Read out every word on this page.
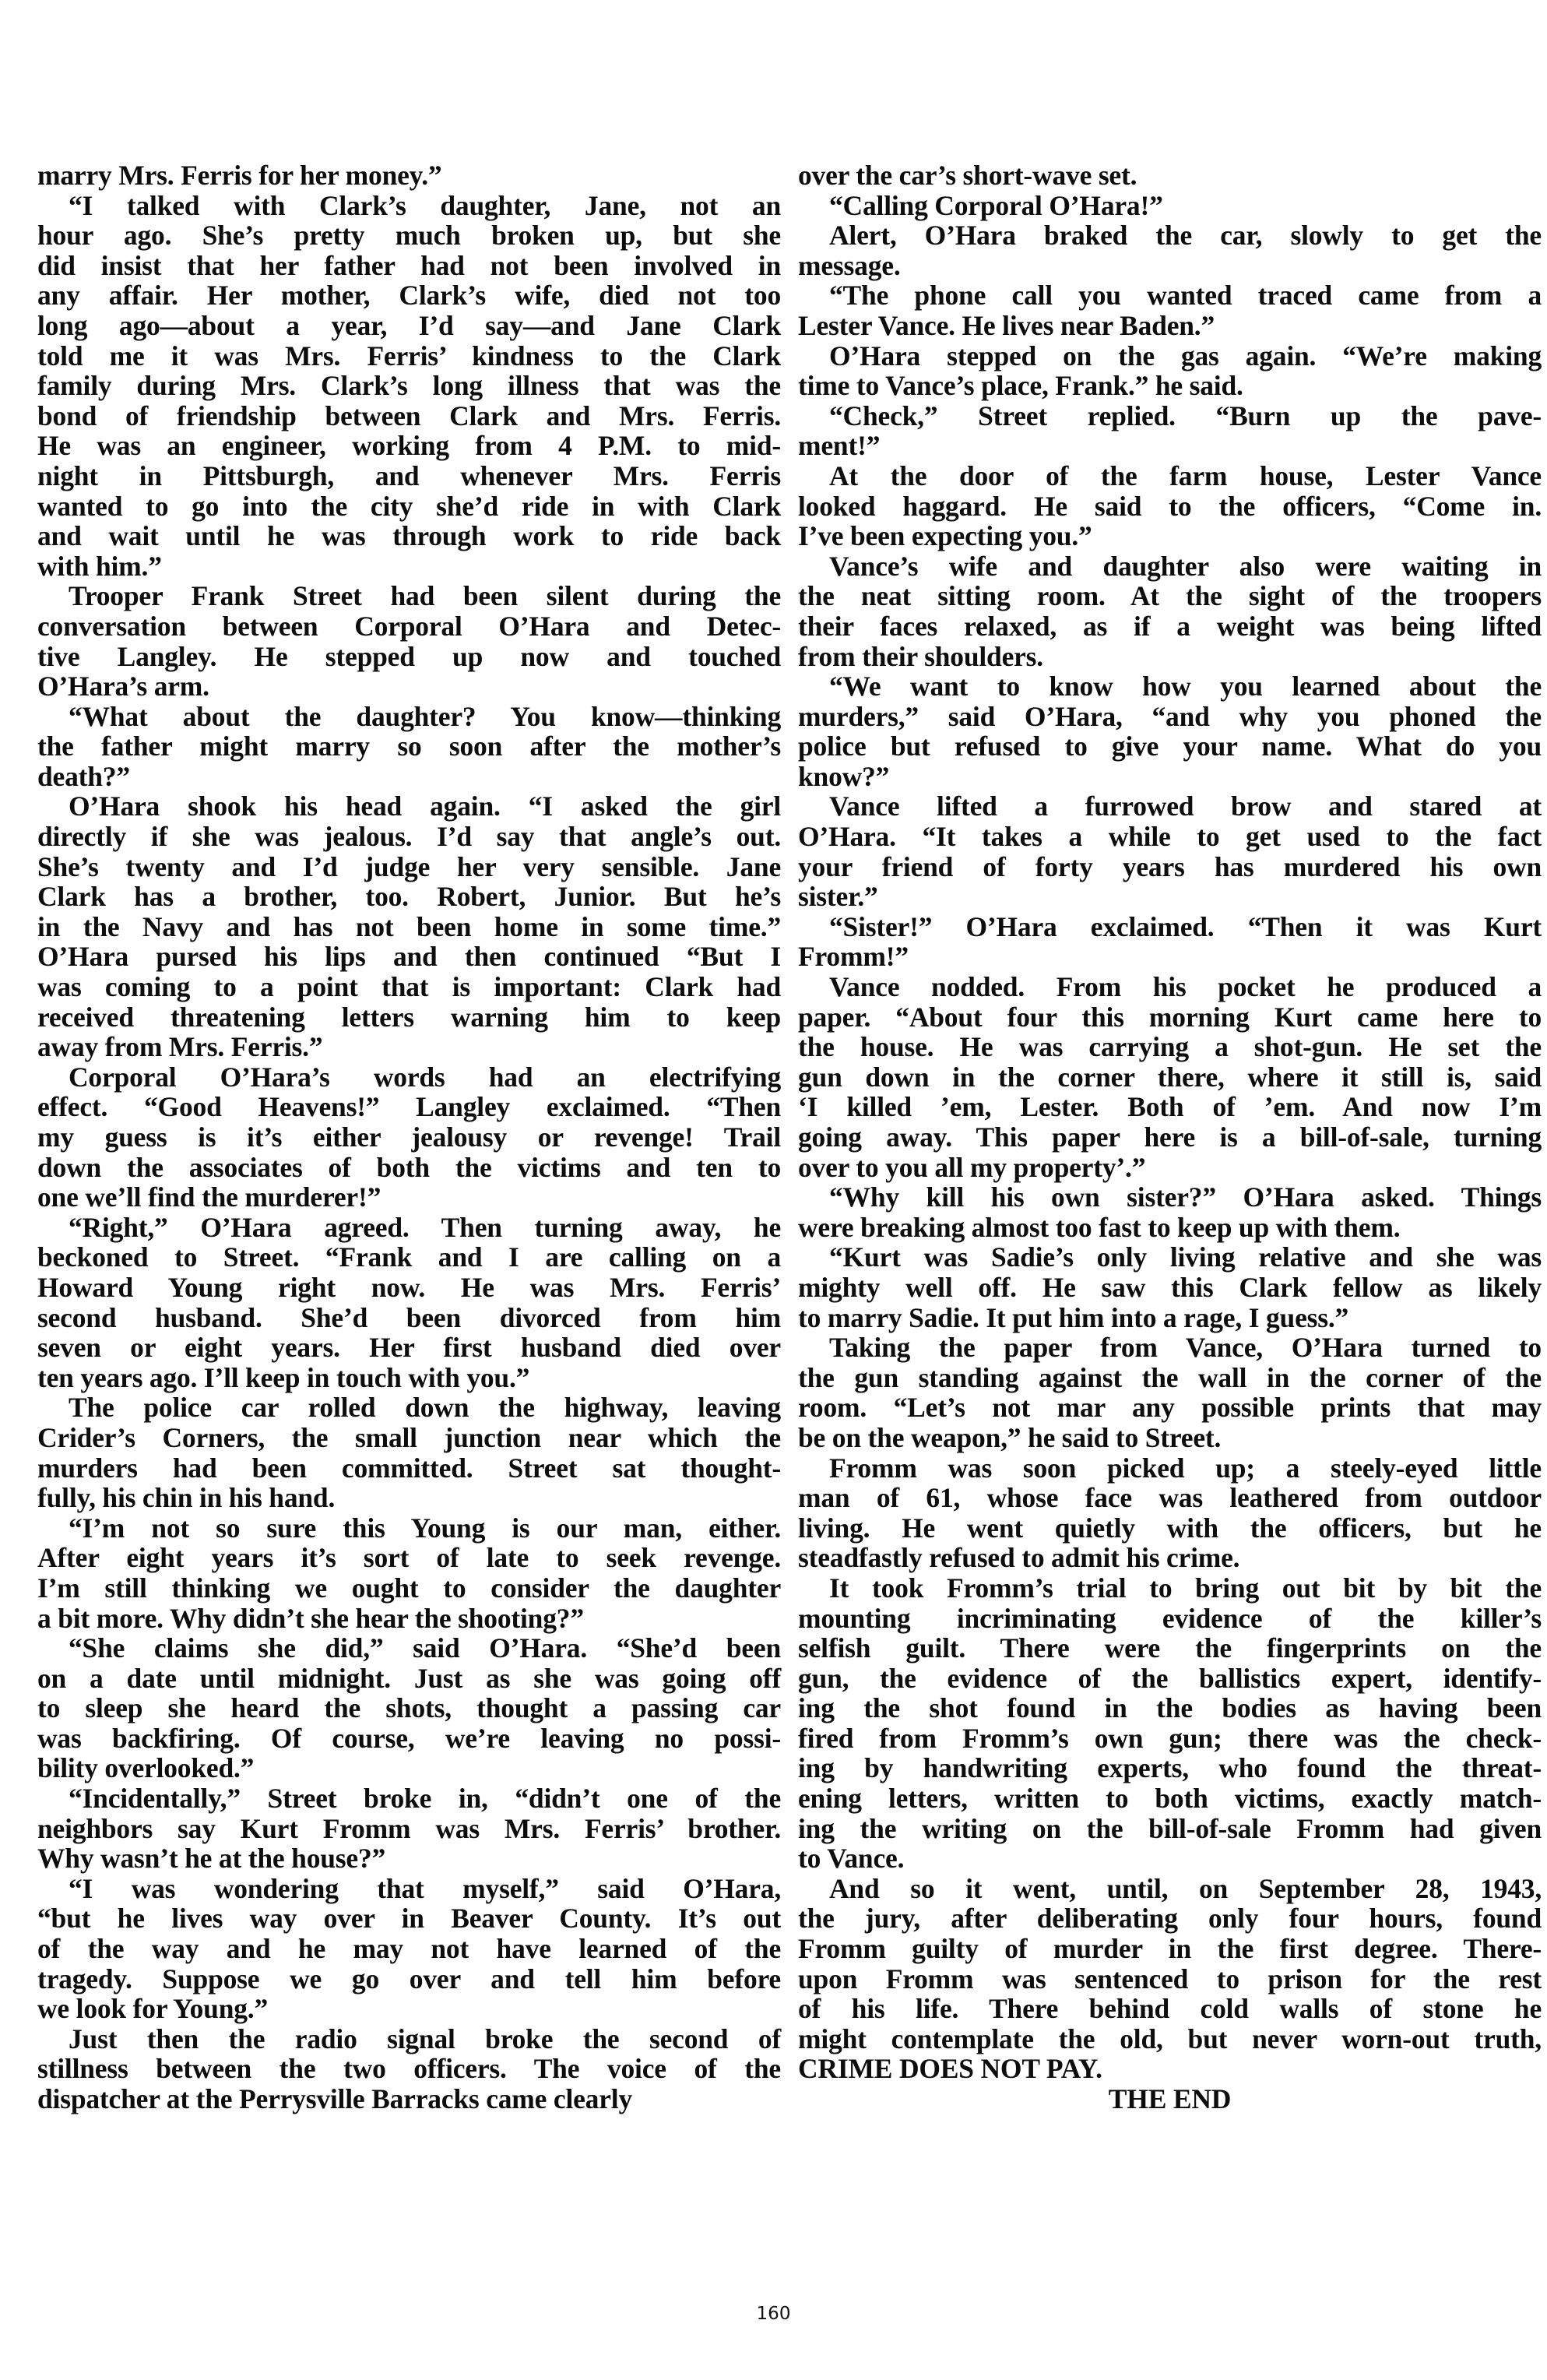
marry Mrs. Ferris for her money.”
“I talked with Clark’s daughter, Jane, not an
hour ago. She’s pretty much broken up, but she
did insist that her father had not been involved in
any affair. Her mother, Clark’s wife, died not too
long ago—about a year, I’d say—and Jane Clark
told me it was Mrs. Ferris’ kindness to the Clark
family during Mrs. Clark’s long illness that was the
bond of friendship between Clark and Mrs. Ferris.
He was an engineer, working from 4 P.M. to mid-
night in Pittsburgh, and whenever Mrs. Ferris
wanted to go into the city she’d ride in with Clark
and wait until he was through work to ride back
with him.”
Trooper Frank Street had been silent during the
conversation between Corporal O’Hara and Detec-
tive Langley. He stepped up now and touched
O’Hara’s arm.
“What about the daughter? You know—thinking
the father might marry so soon after the mother’s
death?”
O’Hara shook his head again. “I asked the girl
directly if she was jealous. I’d say that angle’s out.
She’s twenty and I’d judge her very sensible. Jane
Clark has a brother, too. Robert, Junior. But he’s
in the Navy and has not been home in some time.”
O’Hara pursed his lips and then continued “But I
was coming to a point that is important: Clark had
received threatening letters warning him to keep
away from Mrs. Ferris.”
Corporal O’Hara’s words had an electrifying
effect. “Good Heavens!” Langley exclaimed. “Then
my guess is it’s either jealousy or revenge! Trail
down the associates of both the victims and ten to
one we’ll find the murderer!”
“Right,” O’Hara agreed. Then turning away, he
beckoned to Street. “Frank and I are calling on a
Howard Young right now. He was Mrs. Ferris’
second husband. She’d been divorced from him
seven or eight years. Her first husband died over
ten years ago. I’ll keep in touch with you.”
The police car rolled down the highway, leaving
Crider’s Corners, the small junction near which the
murders had been committed. Street sat thought-
fully, his chin in his hand.
“I’m not so sure this Young is our man, either.
After eight years it’s sort of late to seek revenge.
I’m still thinking we ought to consider the daughter
a bit more. Why didn’t she hear the shooting?”
“She claims she did,” said O’Hara. “She’d been
on a date until midnight. Just as she was going off
to sleep she heard the shots, thought a passing car
was backfiring. Of course, we’re leaving no possi-
bility overlooked.”
“Incidentally,” Street broke in, “didn’t one of the
neighbors say Kurt Fromm was Mrs. Ferris’ brother.
Why wasn’t he at the house?”
“I was wondering that myself,” said O’Hara,
“but he lives way over in Beaver County. It’s out
of the way and he may not have learned of the
tragedy. Suppose we go over and tell him before
we look for Young.”
Just then the radio signal broke the second of
stillness between the two officers. The voice of the
dispatcher at the Perrysville Barracks came clearly
over the car’s short-wave set.
“Calling Corporal O’Hara!”
Alert, O’Hara braked the car, slowly to get the
message.
“The phone call you wanted traced came from a
Lester Vance. He lives near Baden.”
O’Hara stepped on the gas again. “We’re making
time to Vance’s place, Frank.” he said.
“Check,” Street replied. “Burn up the pave-
ment!”
At the door of the farm house, Lester Vance
looked haggard. He said to the officers, “Come in.
I’ve been expecting you.”
Vance’s wife and daughter also were waiting in
the neat sitting room. At the sight of the troopers
their faces relaxed, as if a weight was being lifted
from their shoulders.
“We want to know how you learned about the
murders,” said O’Hara, “and why you phoned the
police but refused to give your name. What do you
know?”
Vance lifted a furrowed brow and stared at
O’Hara. “It takes a while to get used to the fact
your friend of forty years has murdered his own
sister.”
“Sister!” O’Hara exclaimed. “Then it was Kurt
Fromm!”
Vance nodded. From his pocket he produced a
paper. “About four this morning Kurt came here to
the house. He was carrying a shot-gun. He set the
gun down in the corner there, where it still is, said
‘I killed ’em, Lester. Both of ’em. And now I’m
going away. This paper here is a bill-of-sale, turning
over to you all my property’.”
“Why kill his own sister?” O’Hara asked. Things
were breaking almost too fast to keep up with them.
“Kurt was Sadie’s only living relative and she was
mighty well off. He saw this Clark fellow as likely
to marry Sadie. It put him into a rage, I guess.”
Taking the paper from Vance, O’Hara turned to
the gun standing against the wall in the corner of the
room. “Let’s not mar any possible prints that may
be on the weapon,” he said to Street.
Fromm was soon picked up; a steely-eyed little
man of 61, whose face was leathered from outdoor
living. He went quietly with the officers, but he
steadfastly refused to admit his crime.
It took Fromm’s trial to bring out bit by bit the
mounting incriminating evidence of the killer’s
selfish guilt. There were the fingerprints on the
gun, the evidence of the ballistics expert, identify-
ing the shot found in the bodies as having been
fired from Fromm’s own gun; there was the check-
ing by handwriting experts, who found the threat-
ening letters, written to both victims, exactly match-
ing the writing on the bill-of-sale Fromm had given
to Vance.
And so it went, until, on September 28, 1943,
the jury, after deliberating only four hours, found
Fromm guilty of murder in the first degree. There-
upon Fromm was sentenced to prison for the rest
of his life. There behind cold walls of stone he
might contemplate the old, but never worn-out truth,
CRIME DOES NOT PAY.
THE END
160
